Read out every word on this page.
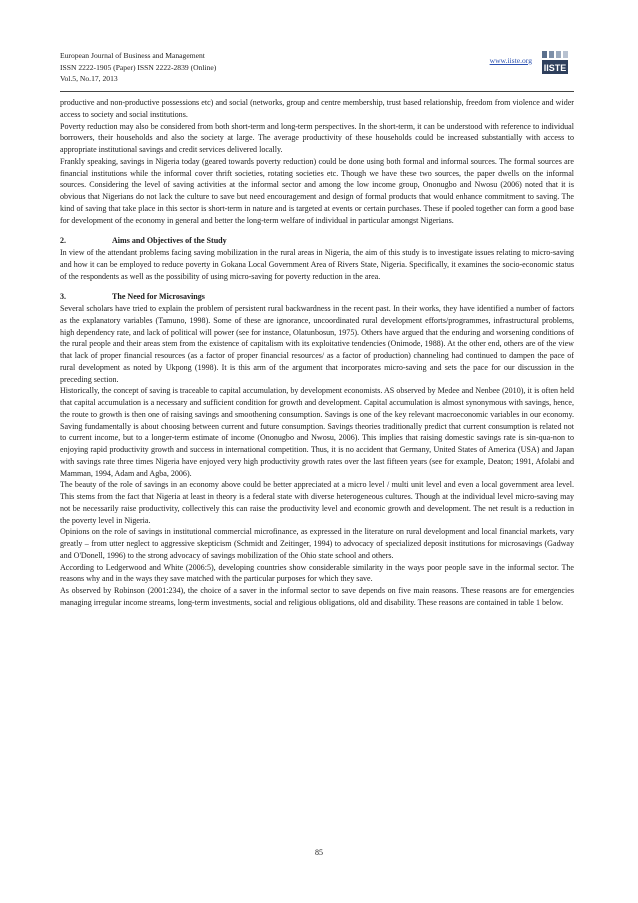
European Journal of Business and Management
ISSN 2222-1905 (Paper) ISSN 2222-2839 (Online)
Vol.5, No.17, 2013
www.iiste.org
IISTE

productive and non-productive possessions etc) and social (networks, group and centre membership, trust based relationship, freedom from violence and wider access to society and social institutions.

Poverty reduction may also be considered from both short-term and long-term perspectives. In the short-term, it can be understood with reference to individual borrowers, their households and also the society at large. The average productivity of these households could be increased substantially with access to appropriate institutional savings and credit services delivered locally.

Frankly speaking, savings in Nigeria today (geared towards poverty reduction) could be done using both formal and informal sources. The formal sources are financial institutions while the informal cover thrift societies, rotating societies etc. Though we have these two sources, the paper dwells on the informal sources. Considering the level of saving activities at the informal sector and among the low income group, Ononugbo and Nwosu (2006) noted that it is obvious that Nigerians do not lack the culture to save but need encouragement and design of formal products that would enhance commitment to saving. The kind of saving that take place in this sector is short-term in nature and is targeted at events or certain purchases. These if pooled together can form a good base for development of the economy in general and better the long-term welfare of individual in particular amongst Nigerians.

2.	Aims and Objectives of the Study

In view of the attendant problems facing saving mobilization in the rural areas in Nigeria, the aim of this study is to investigate issues relating to micro-saving and how it can be employed to reduce poverty in Gokana Local Government Area of Rivers State, Nigeria. Specifically, it examines the socio-economic status of the respondents as well as the possibility of using micro-saving for poverty reduction in the area.

3.	The Need for Microsavings

Several scholars have tried to explain the problem of persistent rural backwardness in the recent past. In their works, they have identified a number of factors as the explanatory variables (Tamuno, 1998). Some of these are ignorance, uncoordinated rural development efforts/programmes, infrastructural problems, high dependency rate, and lack of political will power (see for instance, Olatunbosun, 1975). Others have argued that the enduring and worsening conditions of the rural people and their areas stem from the existence of capitalism with its exploitative tendencies (Onimode, 1988). At the other end, others are of the view that lack of proper financial resources (as a factor of proper financial resources/ as a factor of production) channeling had continued to dampen the pace of rural development as noted by Ukpong (1998). It is this arm of the argument that incorporates micro-saving and sets the pace for our discussion in the preceding section.

Historically, the concept of saving is traceable to capital accumulation, by development economists. AS observed by Medee and Nenbee (2010), it is often held that capital accumulation is a necessary and sufficient condition for growth and development. Capital accumulation is almost synonymous with savings, hence, the route to growth is then one of raising savings and smoothening consumption. Savings is one of the key relevant macroeconomic variables in our economy. Saving fundamentally is about choosing between current and future consumption. Savings theories traditionally predict that current consumption is related not to current income, but to a longer-term estimate of income (Ononugbo and Nwosu, 2006). This implies that raising domestic savings rate is sin-qua-non to enjoying rapid productivity growth and success in international competition. Thus, it is no accident that Germany, United States of America (USA) and Japan with savings rate three times Nigeria have enjoyed very high productivity growth rates over the last fifteen years (see for example, Deaton; 1991, Afolabi and Mamman, 1994, Adam and Agba, 2006).

The beauty of the role of savings in an economy above could be better appreciated at a micro level / multi unit level and even a local government area level. This stems from the fact that Nigeria at least in theory is a federal state with diverse heterogeneous cultures. Though at the individual level micro-saving may not be necessarily raise productivity, collectively this can raise the productivity level and economic growth and development. The net result is a reduction in the poverty level in Nigeria.

Opinions on the role of savings in institutional commercial microfinance, as expressed in the literature on rural development and local financial markets, vary greatly – from utter neglect to aggressive skepticism (Schmidt and Zeitinger, 1994) to advocacy of specialized deposit institutions for microsavings (Gadway and O'Donell, 1996) to the strong advocacy of savings mobilization of the Ohio state school and others.

According to Ledgerwood and White (2006:5), developing countries show considerable similarity in the ways poor people save in the informal sector. The reasons why and in the ways they save matched with the particular purposes for which they save.

As observed by Robinson (2001:234), the choice of a saver in the informal sector to save depends on five main reasons. These reasons are for emergencies managing irregular income streams, long-term investments, social and religious obligations, old and disability. These reasons are contained in table 1 below.

85
